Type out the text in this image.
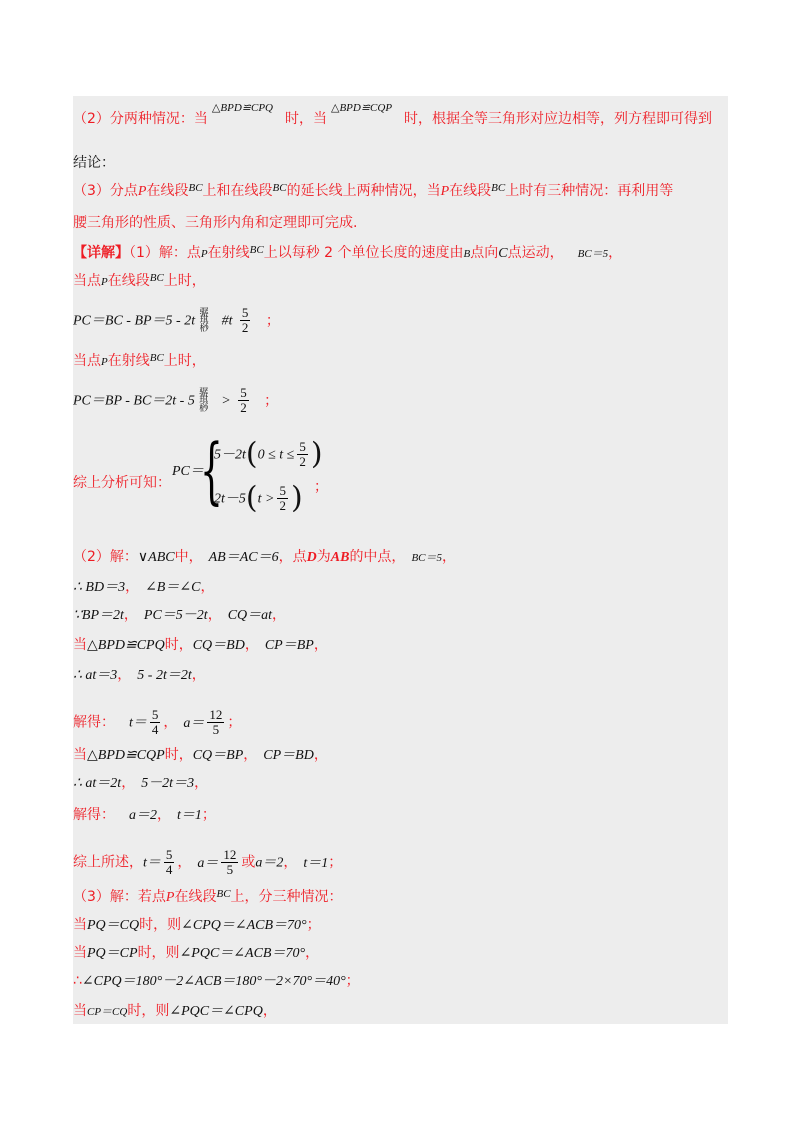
（2）分两种情况：当$^{\triangle BPD≌CPQ}$时，当$^{\triangle BPD≌CQP}$时，根据全等三角形对应边相等，列方程即可得到
结论：
（3）分点P在线段$^{BC}$上和在线段$^{BC}$的延长线上两种情况，当P在线段$^{BC}$上时有三种情况：再利用等
腰三角形的性质、三角形内角和定理即可完成.
【详解】（1）解：点P在射线$^{BC}$上以每秒 2 个单位长度的速度由B点向C点运动， BC＝5，
当点P在线段$^{BC}$上时，
PC＝BC - BP＝5 - 2t 骣
琪
桫 #t $\frac{5}{2}$ ；
当点P在射线$^{BC}$上时，
PC＝BP - BC＝2t - 5 骣
琪
桫 > $\frac{5}{2}$ ；
综上分析可知：
PC＝
{
$5-2t(0 \le t \le \frac{5}{2}$ )
$2t-5(t > \frac{5}{2}$ ) ；
（2）解：∨ABC中， AB＝AC＝6，点D为AB的中点， BC＝5，
∴ BD＝3， ∠B＝∠C，
∵BP＝2t， PC＝5－2t， CQ＝at，
当△BPD≌CPQ时，CQ＝BD， CP＝BP，
∴ at＝3， 5 - 2t＝2t，
解得： $t= \frac{5}{4}$ ， $a= \frac{12}{5}$ ；
当△BPD≌CQP时，CQ＝BP， CP＝BD，
∴ at＝2t， 5－2t＝3，
解得： a＝2， t＝1；
综上所述，$t= \frac{5}{4}$ ， $a= \frac{12}{5}$ 或a＝2， t＝1；
（3）解：若点P在线段$^{BC}$上，分三种情况：
当PQ＝CQ时，则∠CPQ＝∠ACB＝70°；
当PQ＝CP时，则∠PQC＝∠ACB＝70°，
∴∠CPQ＝180°－2∠ACB＝180°－2×70°＝40°；
当CP＝CQ时，则∠PQC＝∠CPQ，
